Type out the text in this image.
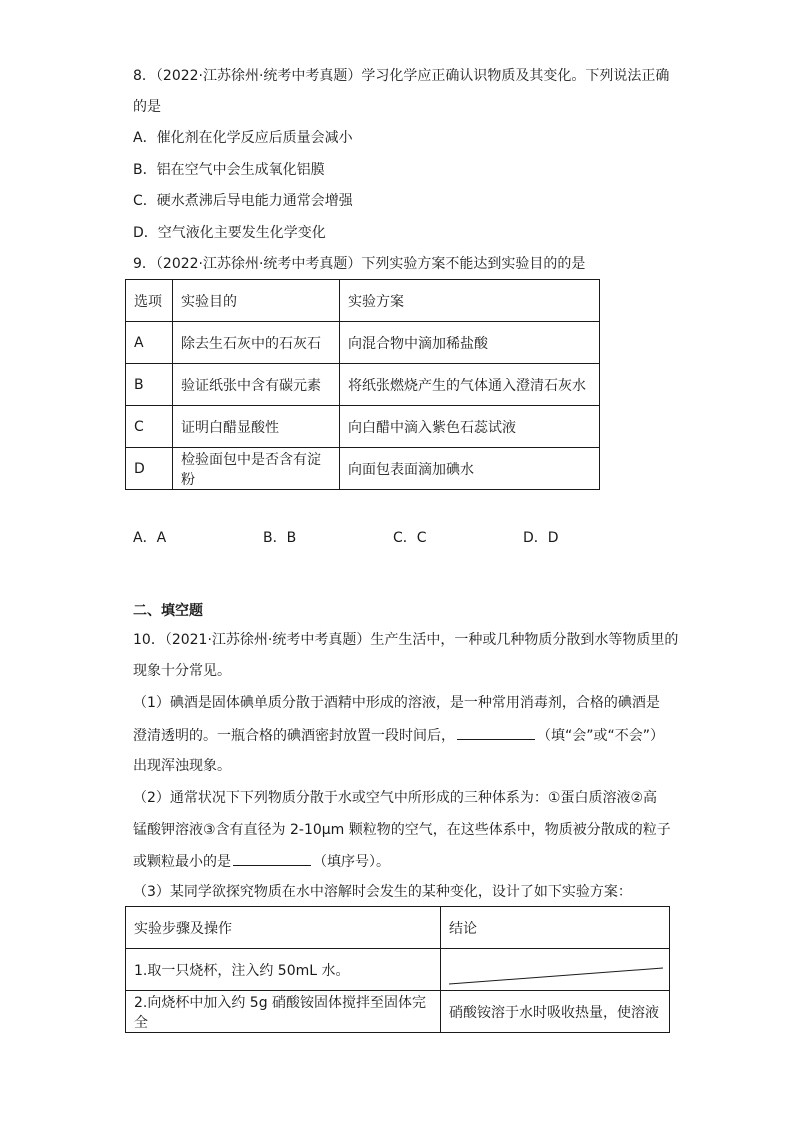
8．（2022·江苏徐州·统考中考真题）学习化学应正确认识物质及其变化。下列说法正确
的是
A．催化剂在化学反应后质量会减小
B．铝在空气中会生成氧化铝膜
C．硬水煮沸后导电能力通常会增强
D．空气液化主要发生化学变化
9．（2022·江苏徐州·统考中考真题）下列实验方案不能达到实验目的的是
选项	实验目的	实验方案
A	除去生石灰中的石灰石	向混合物中滴加稀盐酸
B	验证纸张中含有碳元素	将纸张燃烧产生的气体通入澄清石灰水
C	证明白醋显酸性	向白醋中滴入紫色石蕊试液
D	检验面包中是否含有淀粉	向面包表面滴加碘水
A．A	B．B	C．C	D．D
二、填空题
10．（2021·江苏徐州·统考中考真题）生产生活中，一种或几种物质分散到水等物质里的
现象十分常见。
（1）碘酒是固体碘单质分散于酒精中形成的溶液，是一种常用消毒剂，合格的碘酒是
澄清透明的。一瓶合格的碘酒密封放置一段时间后，	（填“会”或“不会”）
出现浑浊现象。
（2）通常状况下下列物质分散于水或空气中所形成的三种体系为：①蛋白质溶液②高
锰酸钾溶液③含有直径为 2-10μm 颗粒物的空气，在这些体系中，物质被分散成的粒子
或颗粒最小的是	（填序号）。
（3）某同学欲探究物质在水中溶解时会发生的某种变化，设计了如下实验方案：
实验步骤及操作	结论
1.取一只烧杯，注入约 50mL 水。	

2.向烧杯中加入约 5g 硝酸铵固体搅拌至固体完全	硝酸铵溶于水时吸收热量，使溶液
